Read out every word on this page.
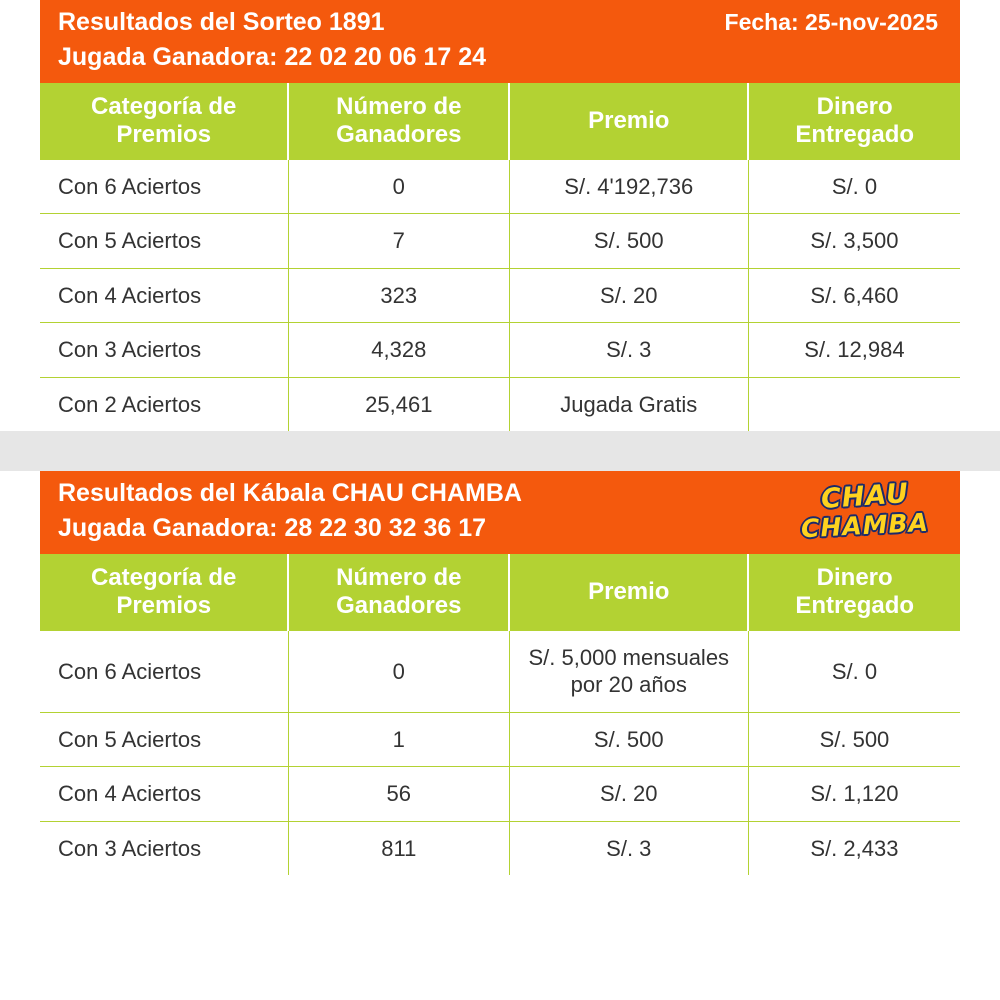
Resultados del Sorteo 1891	Fecha: 25-nov-2025
Jugada Ganadora: 22 02 20 06 17 24
Categoría de Premios	Número de Ganadores	Premio	Dinero Entregado
Con 6 Aciertos	0	S/. 4'192,736	S/. 0
Con 5 Aciertos	7	S/. 500	S/. 3,500
Con 4 Aciertos	323	S/. 20	S/. 6,460
Con 3 Aciertos	4,328	S/. 3	S/. 12,984
Con 2 Aciertos	25,461	Jugada Gratis	
Resultados del Kábala CHAU CHAMBA
Jugada Ganadora: 28 22 30 32 36 17
CHAU
CHAMBA
Categoría de Premios	Número de Ganadores	Premio	Dinero Entregado
Con 6 Aciertos	0	S/. 5,000 mensuales por 20 años	S/. 0
Con 5 Aciertos	1	S/. 500	S/. 500
Con 4 Aciertos	56	S/. 20	S/. 1,120
Con 3 Aciertos	811	S/. 3	S/. 2,433
